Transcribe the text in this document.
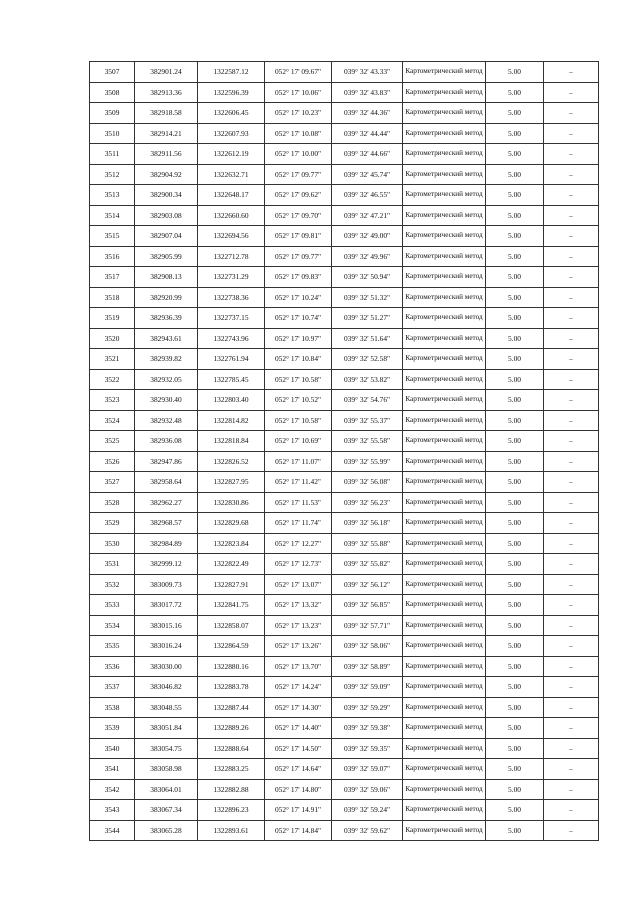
3507	382901.24	1322587.12	052° 17' 09.67"	039° 32' 43.33"	Картометрический метод	5.00	–
3508	382913.36	1322596.39	052° 17' 10.06"	039° 32' 43.83"	Картометрический метод	5.00	–
3509	382918.58	1322606.45	052° 17' 10.23"	039° 32' 44.36"	Картометрический метод	5.00	–
3510	382914.21	1322607.93	052° 17' 10.08"	039° 32' 44.44"	Картометрический метод	5.00	–
3511	382911.56	1322612.19	052° 17' 10.00"	039° 32' 44.66"	Картометрический метод	5.00	–
3512	382904.92	1322632.71	052° 17' 09.77"	039° 32' 45.74"	Картометрический метод	5.00	–
3513	382900.34	1322648.17	052° 17' 09.62"	039° 32' 46.55"	Картометрический метод	5.00	–
3514	382903.08	1322660.60	052° 17' 09.70"	039° 32' 47.21"	Картометрический метод	5.00	–
3515	382907.04	1322694.56	052° 17' 09.81"	039° 32' 49.00"	Картометрический метод	5.00	–
3516	382905.99	1322712.78	052° 17' 09.77"	039° 32' 49.96"	Картометрический метод	5.00	–
3517	382908.13	1322731.29	052° 17' 09.83"	039° 32' 50.94"	Картометрический метод	5.00	–
3518	382920.99	1322738.36	052° 17' 10.24"	039° 32' 51.32"	Картометрический метод	5.00	–
3519	382936.39	1322737.15	052° 17' 10.74"	039° 32' 51.27"	Картометрический метод	5.00	–
3520	382943.61	1322743.96	052° 17' 10.97"	039° 32' 51.64"	Картометрический метод	5.00	–
3521	382939.82	1322761.94	052° 17' 10.84"	039° 32' 52.58"	Картометрический метод	5.00	–
3522	382932.05	1322785.45	052° 17' 10.58"	039° 32' 53.82"	Картометрический метод	5.00	–
3523	382930.40	1322803.40	052° 17' 10.52"	039° 32' 54.76"	Картометрический метод	5.00	–
3524	382932.48	1322814.82	052° 17' 10.58"	039° 32' 55.37"	Картометрический метод	5.00	–
3525	382936.08	1322818.84	052° 17' 10.69"	039° 32' 55.58"	Картометрический метод	5.00	–
3526	382947.86	1322826.52	052° 17' 11.07"	039° 32' 55.99"	Картометрический метод	5.00	–
3527	382958.64	1322827.95	052° 17' 11.42"	039° 32' 56.08"	Картометрический метод	5.00	–
3528	382962.27	1322830.86	052° 17' 11.53"	039° 32' 56.23"	Картометрический метод	5.00	–
3529	382968.57	1322829.68	052° 17' 11.74"	039° 32' 56.18"	Картометрический метод	5.00	–
3530	382984.89	1322823.84	052° 17' 12.27"	039° 32' 55.88"	Картометрический метод	5.00	–
3531	382999.12	1322822.49	052° 17' 12.73"	039° 32' 55.82"	Картометрический метод	5.00	–
3532	383009.73	1322827.91	052° 17' 13.07"	039° 32' 56.12"	Картометрический метод	5.00	–
3533	383017.72	1322841.75	052° 17' 13.32"	039° 32' 56.85"	Картометрический метод	5.00	–
3534	383015.16	1322858.07	052° 17' 13.23"	039° 32' 57.71"	Картометрический метод	5.00	–
3535	383016.24	1322864.59	052° 17' 13.26"	039° 32' 58.06"	Картометрический метод	5.00	–
3536	383030.00	1322880.16	052° 17' 13.70"	039° 32' 58.89"	Картометрический метод	5.00	–
3537	383046.82	1322883.78	052° 17' 14.24"	039° 32' 59.09"	Картометрический метод	5.00	–
3538	383048.55	1322887.44	052° 17' 14.30"	039° 32' 59.29"	Картометрический метод	5.00	–
3539	383051.84	1322889.26	052° 17' 14.40"	039° 32' 59.38"	Картометрический метод	5.00	–
3540	383054.75	1322888.64	052° 17' 14.50"	039° 32' 59.35"	Картометрический метод	5.00	–
3541	383058.98	1322883.25	052° 17' 14.64"	039° 32' 59.07"	Картометрический метод	5.00	–
3542	383064.01	1322882.88	052° 17' 14.80"	039° 32' 59.06"	Картометрический метод	5.00	–
3543	383067.34	1322896.23	052° 17' 14.91"	039° 32' 59.24"	Картометрический метод	5.00	–
3544	383065.28	1322893.61	052° 17' 14.84"	039° 32' 59.62"	Картометрический метод	5.00	–
